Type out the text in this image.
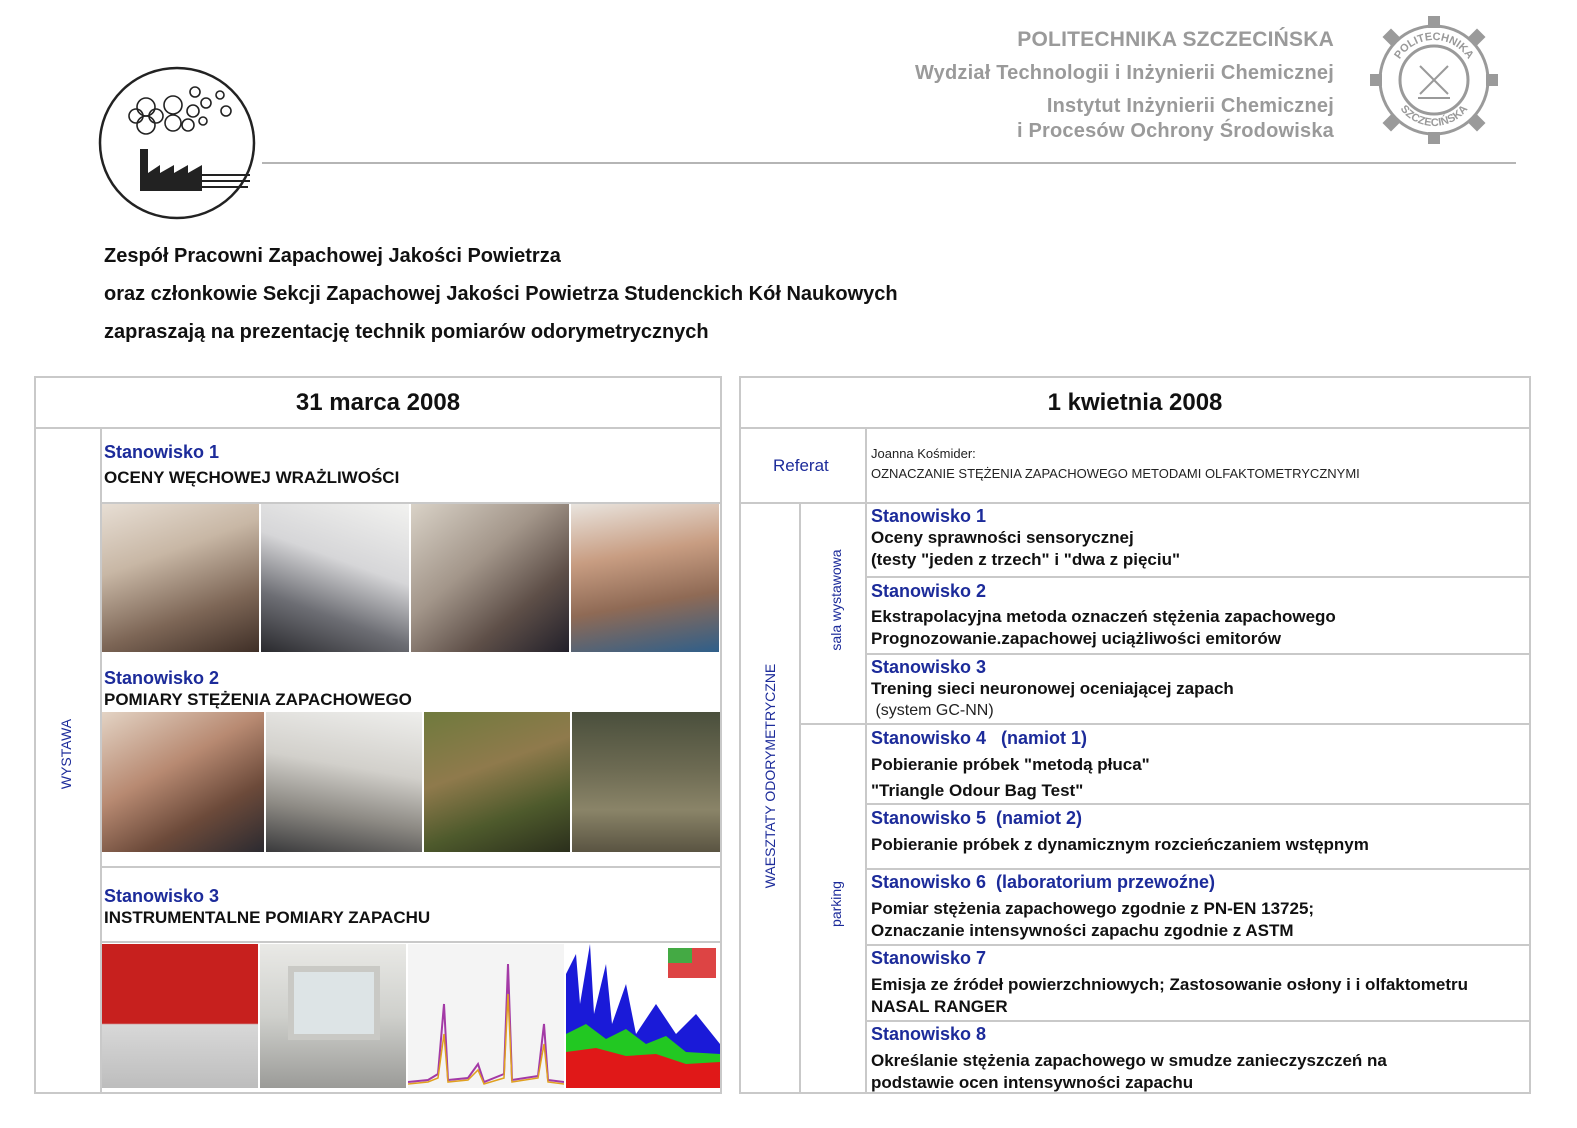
POLITECHNIKA SZCZECIŃSKA
Wydział Technologii i Inżynierii Chemicznej
Instytut Inżynierii Chemicznej
i Procesów Ochrony Środowiska
POLITECHNIKA
SZCZECIŃSKA
Zespół Pracowni Zapachowej Jakości Powietrza
oraz członkowie Sekcji Zapachowej Jakości Powietrza Studenckich Kół Naukowych
zapraszają na prezentację technik pomiarów odorymetrycznych
31 marca 2008
WYSTAWA
Stanowisko 1
OCENY WĘCHOWEJ WRAŻLIWOŚCI
Stanowisko 2
POMIARY STĘŻENIA ZAPACHOWEGO
Stanowisko 3
INSTRUMENTALNE POMIARY ZAPACHU
1 kwietnia 2008
Referat
Joanna Kośmider:
OZNACZANIE STĘŻENIA ZAPACHOWEGO METODAMI OLFAKTOMETRYCZNYMI
WAESZTATY ODORYMETRYCZNE
sala wystawowa
parking
Stanowisko 1
Oceny sprawności sensorycznej
(testy "jeden z trzech" i "dwa z pięciu"
Stanowisko 2
Ekstrapolacyjna metoda oznaczeń stężenia zapachowego
Prognozowanie.zapachowej uciążliwości emitorów
Stanowisko 3
Trening sieci neuronowej oceniającej zapach
(system GC-NN)
Stanowisko 4   (namiot 1)
Pobieranie próbek "metodą płuca"
"Triangle Odour Bag Test"
Stanowisko 5  (namiot 2)
Pobieranie próbek z dynamicznym rozcieńczaniem wstępnym
Stanowisko 6  (laboratorium przewoźne)
Pomiar stężenia zapachowego zgodnie z PN-EN 13725;
Oznaczanie intensywności zapachu zgodnie z ASTM
Stanowisko 7
Emisja ze źródeł powierzchniowych; Zastosowanie osłony i i olfaktometru
NASAL RANGER
Stanowisko 8
Określanie stężenia zapachowego w smudze zanieczyszczeń na
podstawie ocen intensywności zapachu
